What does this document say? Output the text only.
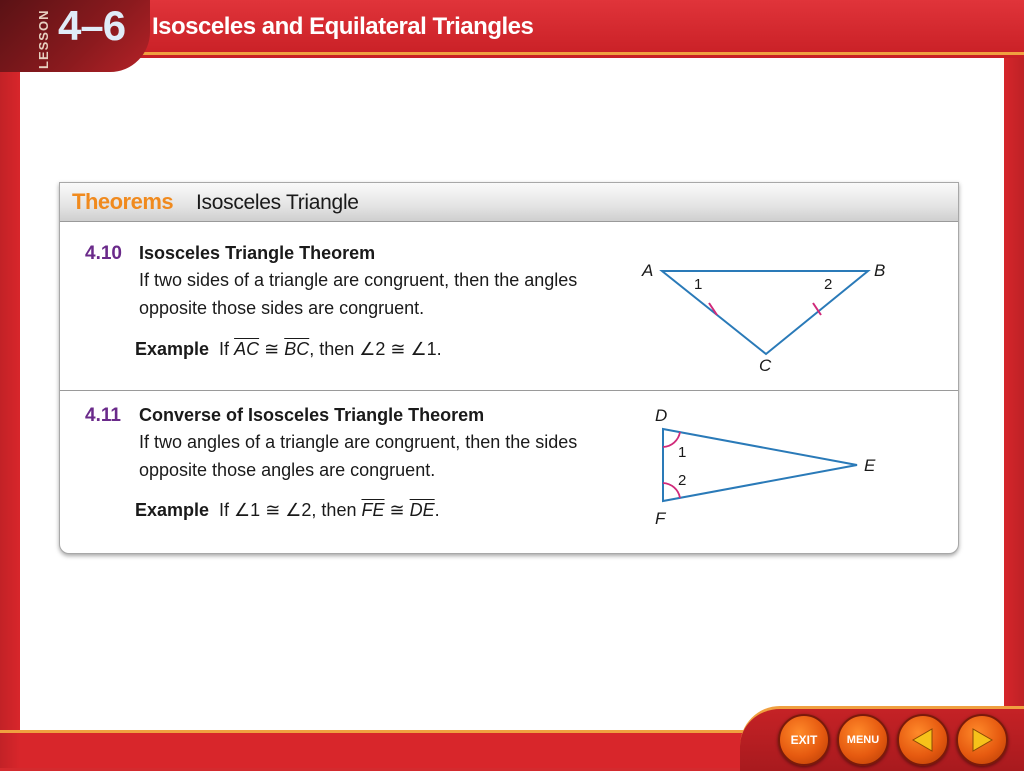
LESSON 4–6 Isosceles and Equilateral Triangles
Theorems Isosceles Triangle
4.10 Isosceles Triangle Theorem
If two sides of a triangle are congruent, then the angles opposite those sides are congruent.
Example If $\overline{AC}$ ≅ $\overline{BC}$, then ∠2 ≅ ∠1.
A	B
C
1	2
4.11 Converse of Isosceles Triangle Theorem
If two angles of a triangle are congruent, then the sides opposite those angles are congruent.
Example If ∠1 ≅ ∠2, then $\overline{FE}$ ≅ $\overline{DE}$.
D
E
F
1
2
EXIT	MENU
